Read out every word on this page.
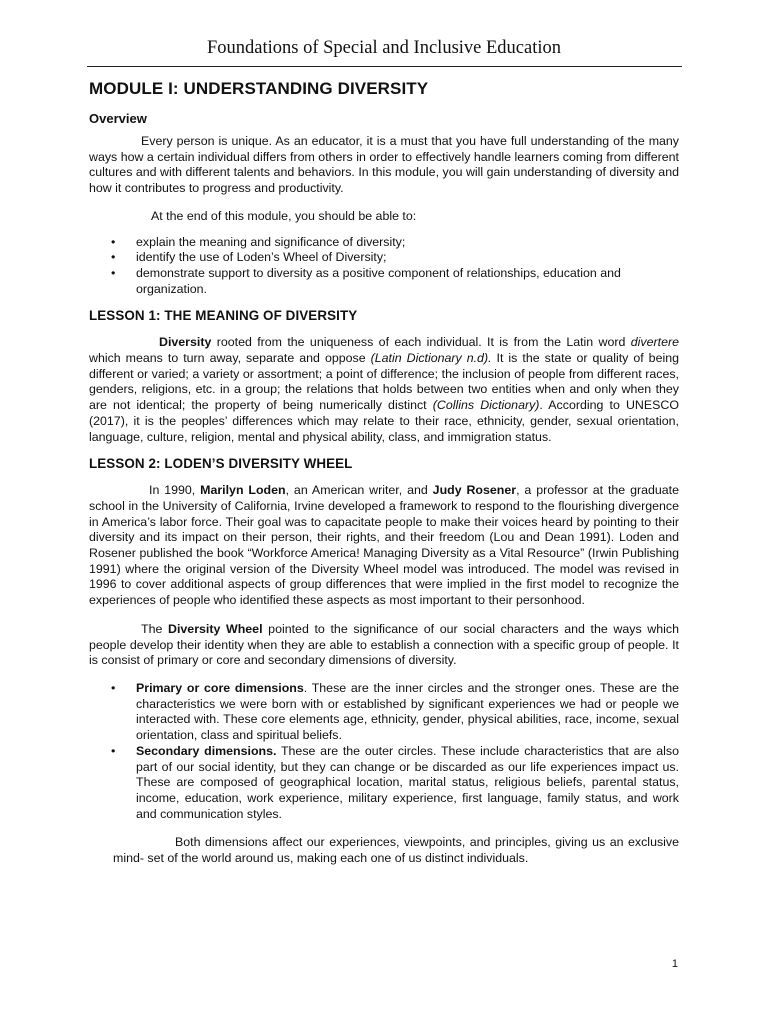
Foundations of Special and Inclusive Education
MODULE I: UNDERSTANDING DIVERSITY
Overview

Every person is unique. As an educator, it is a must that you have full understanding of the many ways how a certain individual differs from others in order to effectively handle learners coming from different cultures and with different talents and behaviors. In this module, you will gain understanding of diversity and how it contributes to progress and productivity.

At the end of this module, you should be able to:

• explain the meaning and significance of diversity;
• identify the use of Loden’s Wheel of Diversity;
• demonstrate support to diversity as a positive component of relationships, education and organization.
LESSON 1: THE MEANING OF DIVERSITY

Diversity rooted from the uniqueness of each individual. It is from the Latin word divertere which means to turn away, separate and oppose (Latin Dictionary n.d). It is the state or quality of being different or varied; a variety or assortment; a point of difference; the inclusion of people from different races, genders, religions, etc. in a group; the relations that holds between two entities when and only when they are not identical; the property of being numerically distinct (Collins Dictionary). According to UNESCO (2017), it is the peoples’ differences which may relate to their race, ethnicity, gender, sexual orientation, language, culture, religion, mental and physical ability, class, and immigration status.

LESSON 2: LODEN’S DIVERSITY WHEEL

In 1990, Marilyn Loden, an American writer, and Judy Rosener, a professor at the graduate school in the University of California, Irvine developed a framework to respond to the flourishing divergence in America’s labor force. Their goal was to capacitate people to make their voices heard by pointing to their diversity and its impact on their person, their rights, and their freedom (Lou and Dean 1991). Loden and Rosener published the book “Workforce America! Managing Diversity as a Vital Resource” (Irwin Publishing 1991) where the original version of the Diversity Wheel model was introduced. The model was revised in 1996 to cover additional aspects of group differences that were implied in the first model to recognize the experiences of people who identified these aspects as most important to their personhood.

The Diversity Wheel pointed to the significance of our social characters and the ways which people develop their identity when they are able to establish a connection with a specific group of people. It is consist of primary or core and secondary dimensions of diversity.

• Primary or core dimensions. These are the inner circles and the stronger ones. These are the characteristics we were born with or established by significant experiences we had or people we interacted with. These core elements age, ethnicity, gender, physical abilities, race, income, sexual orientation, class and spiritual beliefs.
• Secondary dimensions. These are the outer circles. These include characteristics that are also part of our social identity, but they can change or be discarded as our life experiences impact us. These are composed of geographical location, marital status, religious beliefs, parental status, income, education, work experience, military experience, first language, family status, and work and communication styles.

Both dimensions affect our experiences, viewpoints, and principles, giving us an exclusive mind- set of the world around us, making each one of us distinct individuals.

1
